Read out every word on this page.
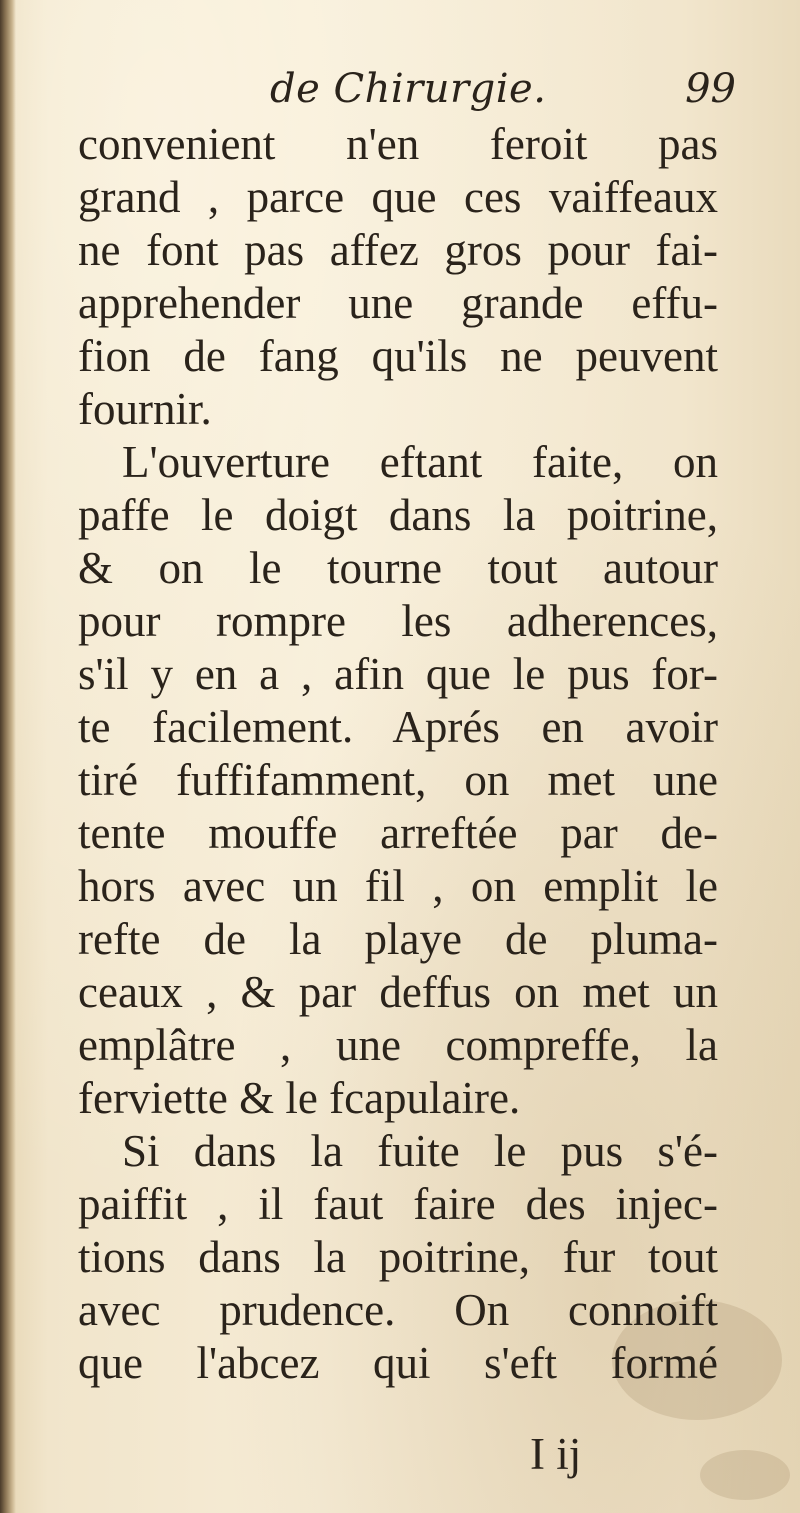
de Chirurgie.	99
convenient n'en feroit pas
grand , parce que ces vaiffeaux
ne font pas affez gros pour fai-
apprehender une grande effu-
fion de fang qu'ils ne peuvent
fournir.
L'ouverture eftant faite, on
paffe le doigt dans la poitrine,
& on le tourne tout autour
pour rompre les adherences,
s'il y en a , afin que le pus for-
te facilement. Aprés en avoir
tiré fuffifamment, on met une
tente mouffe arreftée par de-
hors avec un fil , on emplit le
refte de la playe de pluma-
ceaux , & par deffus on met un
emplâtre , une compreffe, la
ferviette & le fcapulaire.
Si dans la fuite le pus s'é-
paiffit , il faut faire des injec-
tions dans la poitrine, fur tout
avec prudence. On connoift
que l'abcez qui s'eft formé
I ij
